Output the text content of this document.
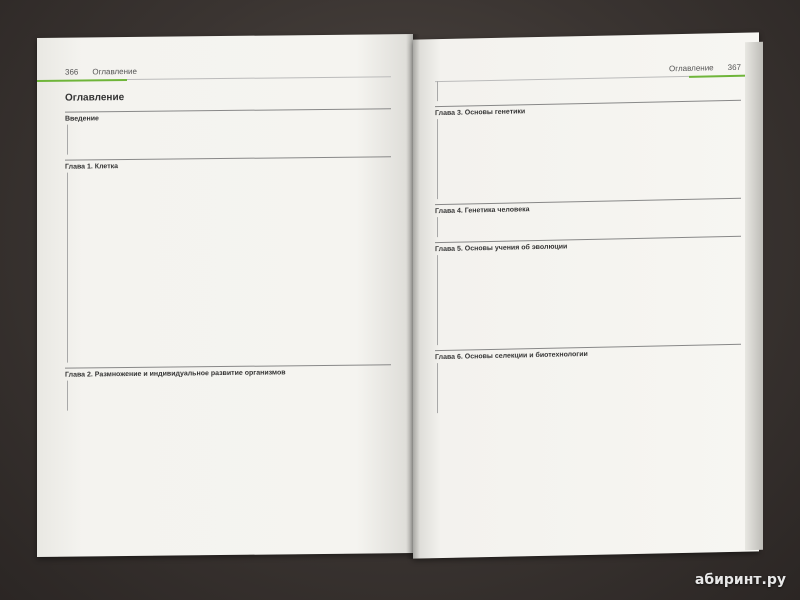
366 Оглавление
Оглавление
Введение
Глава 1. Клетка
Глава 2. Размножение и индивидуальное развитие организмов
Оглавление 367
Глава 3. Основы генетики
Глава 4. Генетика человека
Глава 5. Основы учения об эволюции
Глава 6. Основы селекции и биотехнологии
абиринт.ру
